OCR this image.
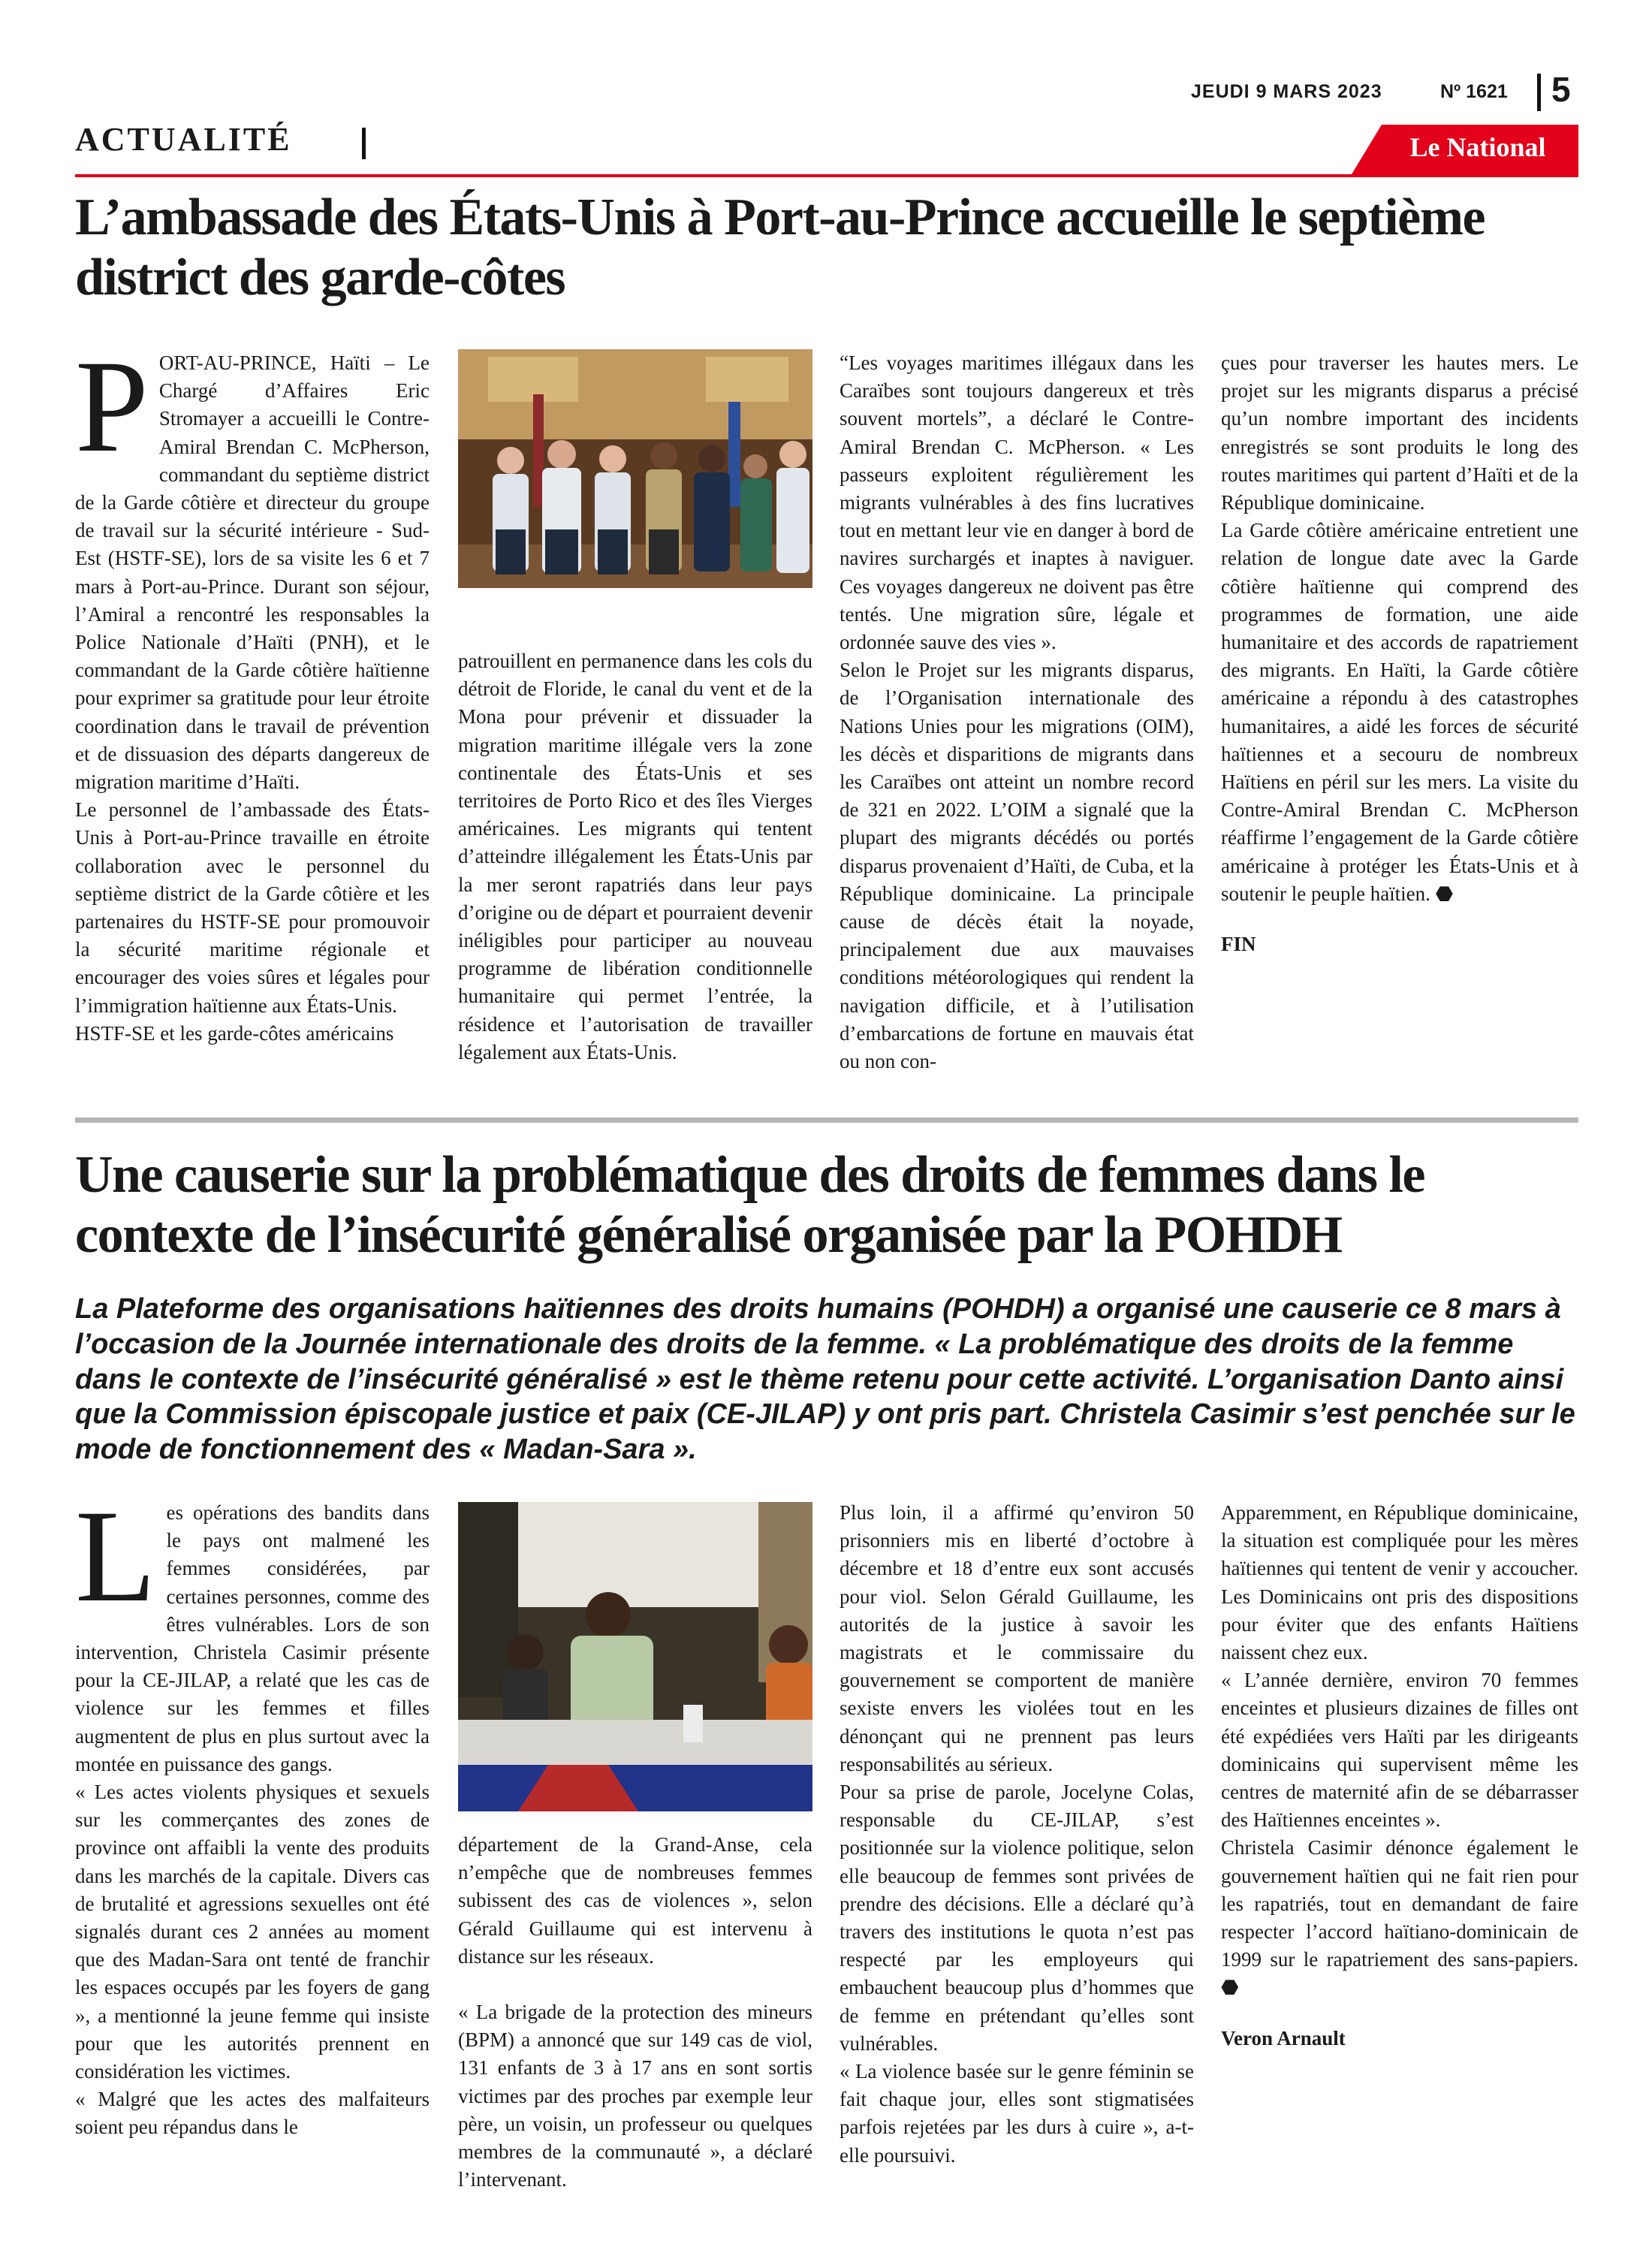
JEUDI 9 MARS 2023	Nº 1621 5
ACTUALITÉ	Le National
L’ambassade des États-Unis à Port-au-Prince accueille le septième district des garde-côtes
P ORT-AU-PRINCE, Haïti – Le Chargé d’Affaires Eric Stromayer a accueilli le Contre-Amiral Brendan C. McPherson, commandant du septième district de la Garde côtière et directeur du groupe de travail sur la sécurité intérieure - Sud-Est (HSTF-SE), lors de sa visite les 6 et 7 mars à Port-au-Prince. Durant son séjour, l’Amiral a rencontré les responsables la Police Nationale d’Haïti (PNH), et le commandant de la Garde côtière haïtienne pour exprimer sa gratitude pour leur étroite coordination dans le travail de prévention et de dissuasion des départs dangereux de migration maritime d’Haïti.

Le personnel de l’ambassade des États-Unis à Port-au-Prince travaille en étroite collaboration avec le personnel du septième district de la Garde côtière et les partenaires du HSTF-SE pour promouvoir la sécurité maritime régionale et encourager des voies sûres et légales pour l’immigration haïtienne aux États-Unis.

HSTF-SE et les garde-côtes américains

patrouillent en permanence dans les cols du détroit de Floride, le canal du vent et de la Mona pour prévenir et dissuader la migration maritime illégale vers la zone continentale des États-Unis et ses territoires de Porto Rico et des îles Vierges américaines. Les migrants qui tentent d’atteindre illégalement les États-Unis par la mer seront rapatriés dans leur pays d’origine ou de départ et pourraient devenir inéligibles pour participer au nouveau programme de libération conditionnelle humanitaire qui permet l’entrée, la résidence et l’autorisation de travailler légalement aux États-Unis.

“Les voyages maritimes illégaux dans les Caraïbes sont toujours dangereux et très souvent mortels”, a déclaré le Contre-Amiral Brendan C. McPherson. « Les passeurs exploitent régulièrement les migrants vulnérables à des fins lucratives tout en mettant leur vie en danger à bord de navires surchargés et inaptes à naviguer. Ces voyages dangereux ne doivent pas être tentés. Une migration sûre, légale et ordonnée sauve des vies ».

Selon le Projet sur les migrants disparus, de l’Organisation internationale des Nations Unies pour les migrations (OIM), les décès et disparitions de migrants dans les Caraïbes ont atteint un nombre record de 321 en 2022. L’OIM a signalé que la plupart des migrants décédés ou portés disparus provenaient d’Haïti, de Cuba, et la République dominicaine. La principale cause de décès était la noyade, principalement due aux mauvaises conditions météorologiques qui rendent la navigation difficile, et à l’utilisation d’embarcations de fortune en mauvais état ou non con-

çues pour traverser les hautes mers. Le projet sur les migrants disparus a précisé qu’un nombre important des incidents enregistrés se sont produits le long des routes maritimes qui partent d’Haïti et de la République dominicaine.

La Garde côtière américaine entretient une relation de longue date avec la Garde côtière haïtienne qui comprend des programmes de formation, une aide humanitaire et des accords de rapatriement des migrants. En Haïti, la Garde côtière américaine a répondu à des catastrophes humanitaires, a aidé les forces de sécurité haïtiennes et a secouru de nombreux Haïtiens en péril sur les mers. La visite du Contre-Amiral Brendan C. McPherson réaffirme l’engagement de la Garde côtière américaine à protéger les États-Unis et à soutenir le peuple haïtien. ⬣

FIN

Une causerie sur la problématique des droits de femmes dans le contexte de l’insécurité généralisé organisée par la POHDH
La Plateforme des organisations haïtiennes des droits humains (POHDH) a organisé une causerie ce 8 mars à l’occasion de la Journée internationale des droits de la femme. « La problématique des droits de la femme dans le contexte de l’insécurité généralisé » est le thème retenu pour cette activité. L’organisation Danto ainsi que la Commission épiscopale justice et paix (CE-JILAP) y ont pris part. Christela Casimir s’est penchée sur le mode de fonctionnement des « Madan-Sara ».
L es opérations des bandits dans le pays ont malmené les femmes considérées, par certaines personnes, comme des êtres vulnérables. Lors de son intervention, Christela Casimir présente pour la CE-JILAP, a relaté que les cas de violence sur les femmes et filles augmentent de plus en plus surtout avec la montée en puissance des gangs.

« Les actes violents physiques et sexuels sur les commerçantes des zones de province ont affaibli la vente des produits dans les marchés de la capitale. Divers cas de brutalité et agressions sexuelles ont été signalés durant ces 2 années au moment que des Madan-Sara ont tenté de franchir les espaces occupés par les foyers de gang », a mentionné la jeune femme qui insiste pour que les autorités prennent en considération les victimes.

« Malgré que les actes des malfaiteurs soient peu répandus dans le

département de la Grand-Anse, cela n’empêche que de nombreuses femmes subissent des cas de violences », selon Gérald Guillaume qui est intervenu à distance sur les réseaux.

« La brigade de la protection des mineurs (BPM) a annoncé que sur 149 cas de viol, 131 enfants de 3 à 17 ans en sont sortis victimes par des proches par exemple leur père, un voisin, un professeur ou quelques membres de la communauté », a déclaré l’intervenant.

Plus loin, il a affirmé qu’environ 50 prisonniers mis en liberté d’octobre à décembre et 18 d’entre eux sont accusés pour viol. Selon Gérald Guillaume, les autorités de la justice à savoir les magistrats et le commissaire du gouvernement se comportent de manière sexiste envers les violées tout en les dénonçant qui ne prennent pas leurs responsabilités au sérieux.

Pour sa prise de parole, Jocelyne Colas, responsable du CE-JILAP, s’est positionnée sur la violence politique, selon elle beaucoup de femmes sont privées de prendre des décisions. Elle a déclaré qu’à travers des institutions le quota n’est pas respecté par les employeurs qui embauchent beaucoup plus d’hommes que de femme en prétendant qu’elles sont vulnérables.

« La violence basée sur le genre féminin se fait chaque jour, elles sont stigmatisées parfois rejetées par les durs à cuire », a-t-elle poursuivi.

Apparemment, en République dominicaine, la situation est compliquée pour les mères haïtiennes qui tentent de venir y accoucher. Les Dominicains ont pris des dispositions pour éviter que des enfants Haïtiens naissent chez eux.

« L’année dernière, environ 70 femmes enceintes et plusieurs dizaines de filles ont été expédiées vers Haïti par les dirigeants dominicains qui supervisent même les centres de maternité afin de se débarrasser des Haïtiennes enceintes ».

Christela Casimir dénonce également le gouvernement haïtien qui ne fait rien pour les rapatriés, tout en demandant de faire respecter l’accord haïtiano-dominicain de 1999 sur le rapatriement des sans-papiers. ⬣

Veron Arnault
